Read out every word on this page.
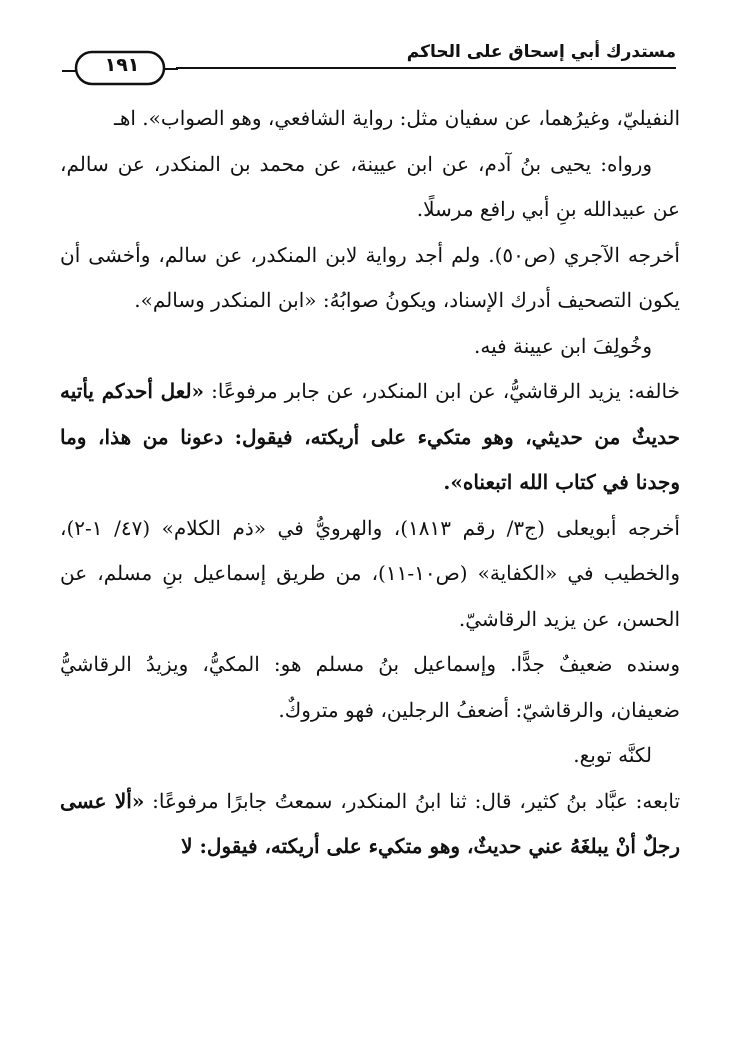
مستدرك أبي إسحاق على الحاكم
١٩١

النفيليّ، وغيرُهما، عن سفيان مثل: رواية الشافعي، وهو الصواب». اهـ

ورواه: يحيى بنُ آدم، عن ابن عيينة، عن محمد بن المنكدر، عن سالم، عن عبيدالله بنِ أبي رافع مرسلًا.

أخرجه الآجري (ص٥٠). ولم أجد رواية لابن المنكدر، عن سالم، وأخشى أن يكون التصحيف أدرك الإسناد، ويكونُ صوابُهُ: «ابن المنكدر وسالم».

وخُولِفَ ابن عيينة فيه.

خالفه: يزيد الرقاشيُّ، عن ابن المنكدر، عن جابر مرفوعًا: «لعل أحدكم يأتيه حديثٌ من حديثي، وهو متكيء على أريكته، فيقول: دعونا من هذا، وما وجدنا في كتاب الله اتبعناه».

أخرجه أبويعلى (ج٣/ رقم ١٨١٣)، والهرويُّ في «ذم الكلام» (٤٧/ ١-٢)، والخطيب في «الكفاية» (ص١٠-١١)، من طريق إسماعيل بنِ مسلم، عن الحسن، عن يزيد الرقاشيّ.

وسنده ضعيفٌ جدًّا. وإسماعيل بنُ مسلم هو: المكيُّ، ويزيدُ الرقاشيُّ ضعيفان، والرقاشيّ: أضعفُ الرجلين، فهو متروكٌ.

لكنَّه توبع.

تابعه: عبَّاد بنُ كثير، قال: ثنا ابنُ المنكدر، سمعتُ جابرًا مرفوعًا: «ألا عسى رجلٌ أنْ يبلغَهُ عني حديثٌ، وهو متكيء على أريكته، فيقول: لا
